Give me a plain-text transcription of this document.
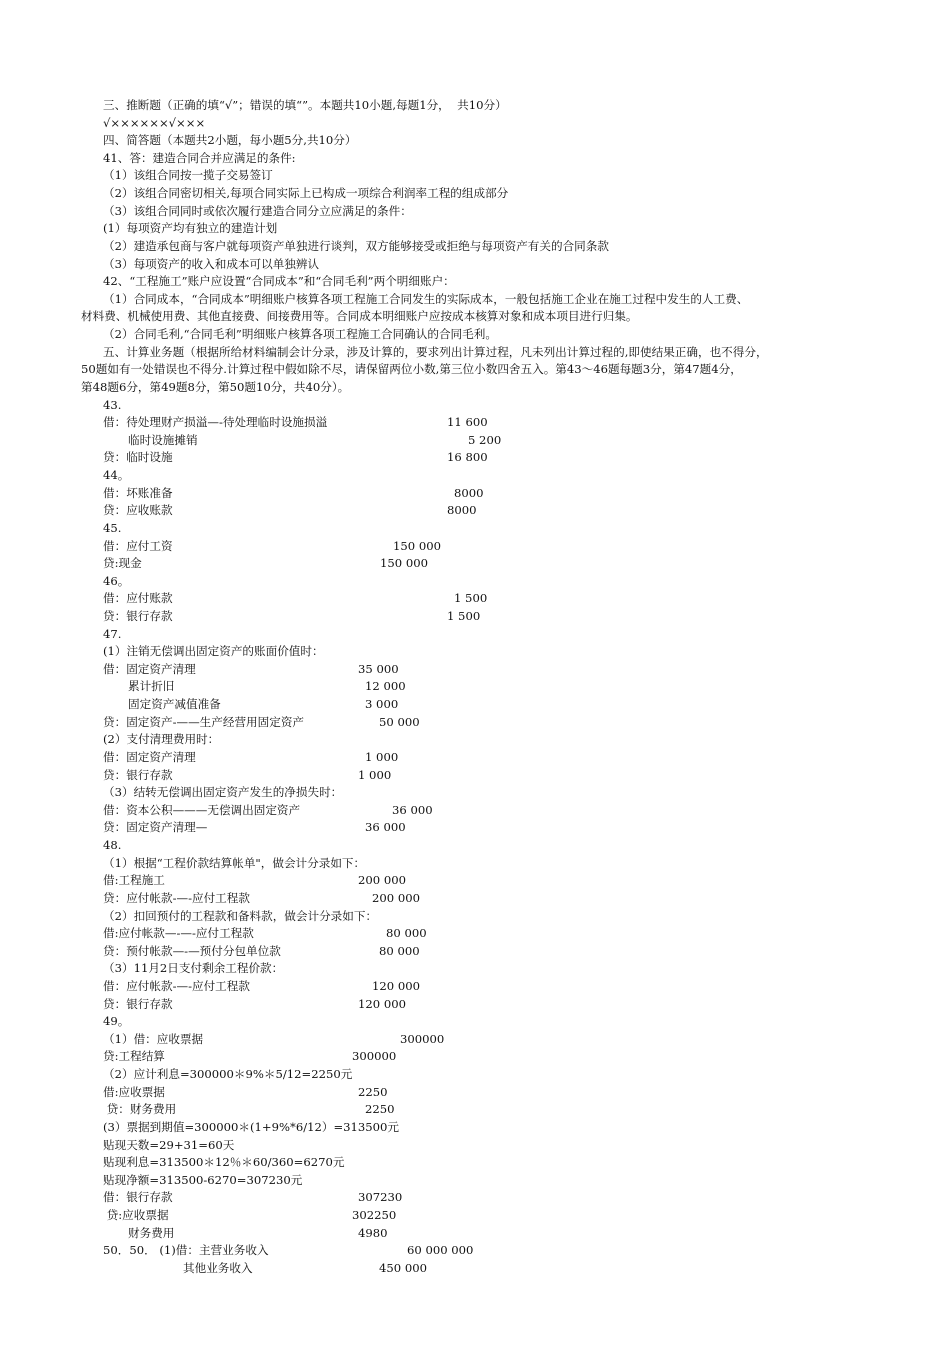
三、推断题（正确的填“√”；错误的填“”。本题共10小题,每题1分，  共10分）
√××××××√×××
四、简答题（本题共2小题，每小题5分,共10分）
41、答：建造合同合并应满足的条件:
（1）该组合同按一揽子交易签订
（2）该组合同密切相关,每项合同实际上已构成一项综合利润率工程的组成部分
（3）该组合同同时或依次履行建造合同分立应满足的条件：
(1）每项资产均有独立的建造计划
（2）建造承包商与客户就每项资产单独进行谈判，双方能够接受或拒绝与每项资产有关的合同条款
（3）每项资产的收入和成本可以单独辨认
42、“工程施工”账户应设置“合同成本”和“合同毛利”两个明细账户：
（1）合同成本，“合同成本”明细账户核算各项工程施工合同发生的实际成本，一般包括施工企业在施工过程中发生的人工费、
材料费、机械使用费、其他直接费、间接费用等。合同成本明细账户应按成本核算对象和成本项目进行归集。
（2）合同毛利,“合同毛利”明细账户核算各项工程施工合同确认的合同毛利。
五、计算业务题（根据所给材料编制会计分录，涉及计算的，要求列出计算过程，凡未列出计算过程的,即使结果正确，也不得分，
50题如有一处错误也不得分.计算过程中假如除不尽，请保留两位小数,第三位小数四舍五入。第43～46题每题3分，第47题4分，
第48题6分，第49题8分，第50题10分，共40分）。
43.
借：待处理财产损溢—-待处理临时设施损溢	11 600
临时设施摊销	5 200
贷：临时设施	16 800
44。
借：坏账准备	8000
贷：应收账款	8000
45.
借：应付工资	150 000
贷:现金	150 000
46。
借：应付账款	1 500
贷：银行存款	1 500
47.
(1）注销无偿调出固定资产的账面价值时：
借：固定资产清理	35 000
累计折旧	12 000
固定资产减值准备	3 000
贷：固定资产-——生产经营用固定资产	50 000
(2）支付清理费用时：
借：固定资产清理	1 000
贷：银行存款	1 000
（3）结转无偿调出固定资产发生的净损失时：
借：资本公积———无偿调出固定资产	36 000
贷：固定资产清理—	36 000
48.
（1）根据“工程价款结算帐单"，做会计分录如下：
借:工程施工	200 000
贷：应付帐款-—-应付工程款	200 000
（2）扣回预付的工程款和备料款，做会计分录如下：
借:应付帐款—-—-应付工程款	80 000
贷：预付帐款—-—预付分包单位款	80 000
（3）11月2日支付剩余工程价款：
借：应付帐款-—-应付工程款	120 000
贷：银行存款	120 000
49。
（1）借：应收票据	300000
贷:工程结算	300000
（2）应计利息=300000＊9%＊5/12=2250元
借:应收票据	2250
贷：财务费用	2250
(3）票据到期值=300000＊(1+9%*6/12）=313500元
贴现天数=29+31=60天
贴现利息=313500＊12％＊60/360=6270元
贴现净额=313500-6270=307230元
借：银行存款	307230
贷:应收票据	302250
财务费用	4980
50．50． (1)借：主营业务收入	60 000 000
其他业务收入	450 000
